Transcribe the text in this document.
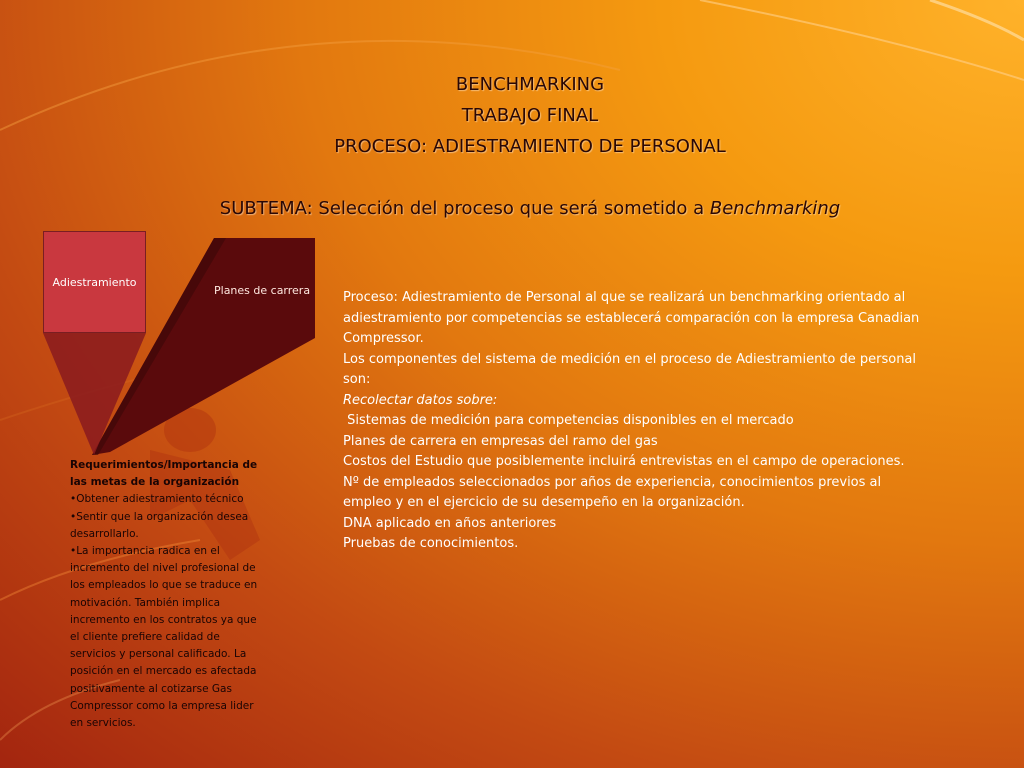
BENCHMARKING
TRABAJO FINAL
PROCESO: ADIESTRAMIENTO DE PERSONAL
SUBTEMA: Selección del proceso que será sometido a Benchmarking
Adiestramiento
Planes de carrera
Requerimientos/Importancia de las metas de la organización
•Obtener adiestramiento técnico
•Sentir que la organización desea desarrollarlo.
•La importancia radica en el incremento del nivel profesional de los empleados lo que se traduce en motivación. También implica incremento en los contratos ya que el cliente prefiere calidad de servicios y personal calificado. La posición en el mercado es afectada positivamente al cotizarse Gas Compressor como la empresa lider en servicios.

Proceso: Adiestramiento de Personal al que se realizará un benchmarking orientado al adiestramiento por competencias se establecerá comparación con la empresa Canadian Compressor.

Los componentes del sistema de medición en el proceso de Adiestramiento de personal son:

Recolectar datos sobre:

Sistemas de medición para competencias disponibles en el mercado

Planes de carrera en empresas del ramo del gas

Costos del Estudio que posiblemente incluirá entrevistas en el campo de operaciones.

Nº de empleados seleccionados por años de experiencia, conocimientos previos al empleo y en el ejercicio de su desempeño en la organización.

DNA aplicado en años anteriores

Pruebas de conocimientos.
